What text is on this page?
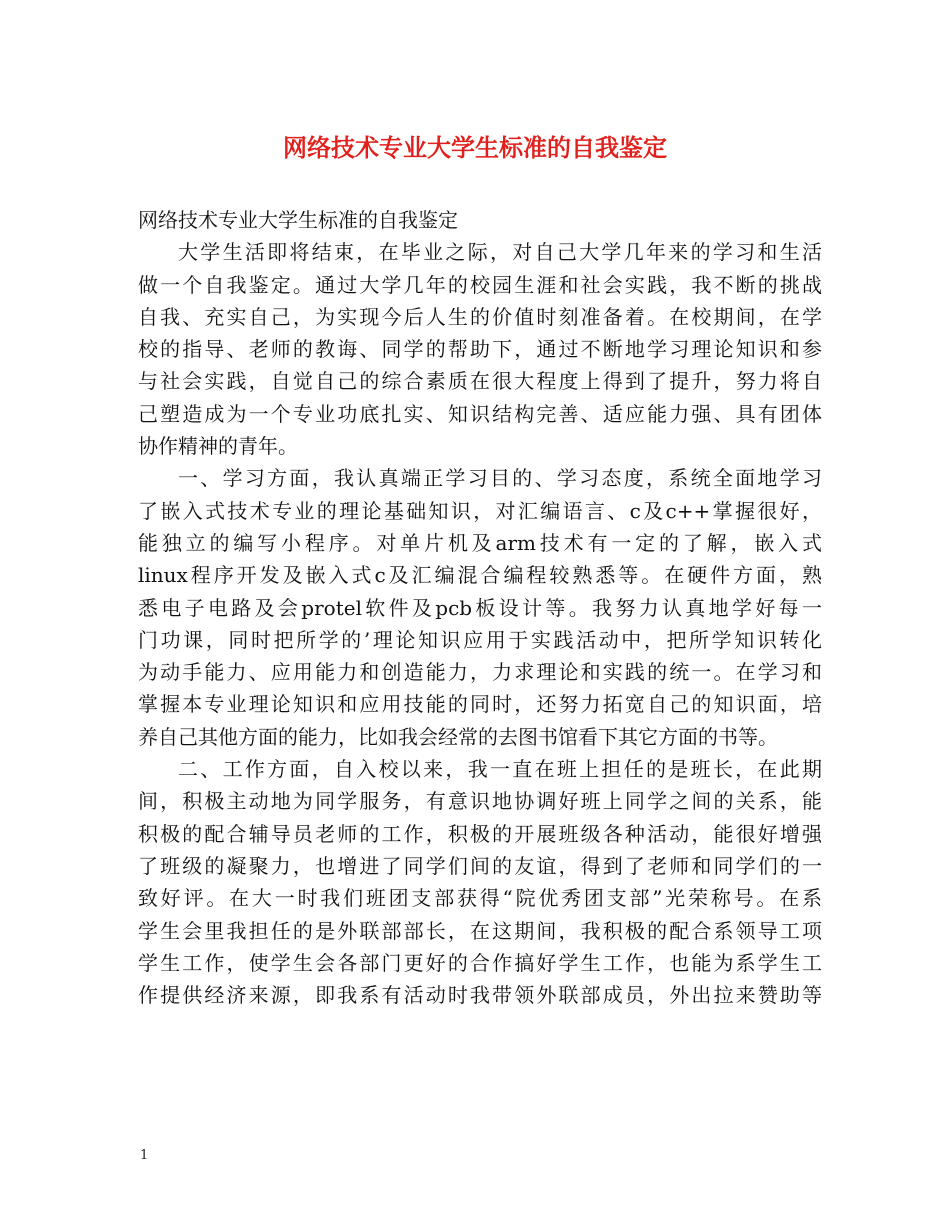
网络技术专业大学生标准的自我鉴定
网络技术专业大学生标准的自我鉴定
大学生活即将结束，在毕业之际，对自己大学几年来的学习和生活
做一个自我鉴定。通过大学几年的校园生涯和社会实践，我不断的挑战
自我、充实自己，为实现今后人生的价值时刻准备着。在校期间，在学
校的指导、老师的教诲、同学的帮助下，通过不断地学习理论知识和参
与社会实践，自觉自己的综合素质在很大程度上得到了提升，努力将自
己塑造成为一个专业功底扎实、知识结构完善、适应能力强、具有团体
协作精神的青年。
一、学习方面，我认真端正学习目的、学习态度，系统全面地学习
了嵌入式技术专业的理论基础知识，对汇编语言、c及c++掌握很好，
能独立的编写小程序。对单片机及arm技术有一定的了解，嵌入式
linux程序开发及嵌入式c及汇编混合编程较熟悉等。在硬件方面，熟
悉电子电路及会protel软件及pcb板设计等。我努力认真地学好每一
门功课，同时把所学的’理论知识应用于实践活动中，把所学知识转化
为动手能力、应用能力和创造能力，力求理论和实践的统一。在学习和
掌握本专业理论知识和应用技能的同时，还努力拓宽自己的知识面，培
养自己其他方面的能力，比如我会经常的去图书馆看下其它方面的书等。
二、工作方面，自入校以来，我一直在班上担任的是班长，在此期
间，积极主动地为同学服务，有意识地协调好班上同学之间的关系，能
积极的配合辅导员老师的工作，积极的开展班级各种活动，能很好增强
了班级的凝聚力，也增进了同学们间的友谊，得到了老师和同学们的一
致好评。在大一时我们班团支部获得“院优秀团支部”光荣称号。在系
学生会里我担任的是外联部部长，在这期间，我积极的配合系领导工项
学生工作，使学生会各部门更好的合作搞好学生工作，也能为系学生工
作提供经济来源，即我系有活动时我带领外联部成员，外出拉来赞助等
1
